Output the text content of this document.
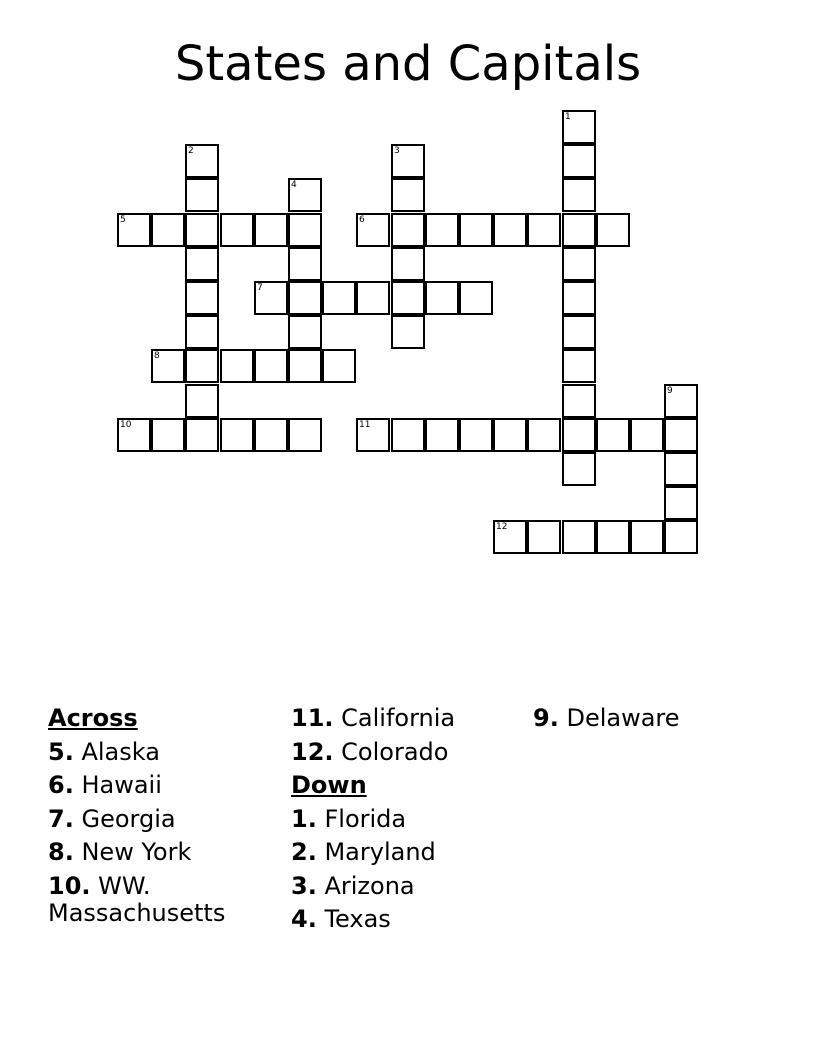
States and Capitals
1
2	3
4
5	6
7
8
9
10	11
12
Across
5. Alaska
6. Hawaii
7. Georgia
8. New York
10. WW. Massachusetts
11. California
12. Colorado
Down
1. Florida
2. Maryland
3. Arizona
4. Texas
9. Delaware
